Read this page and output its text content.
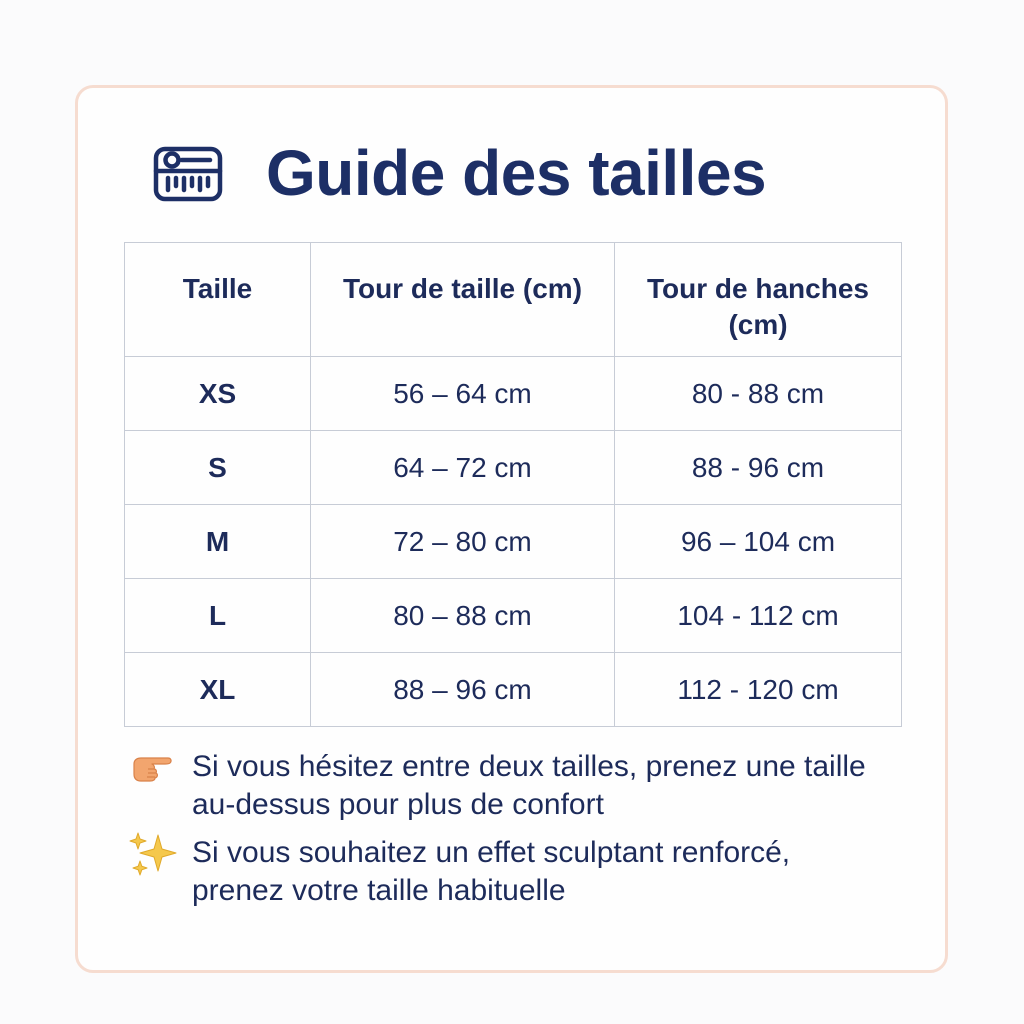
Guide des tailles
Taille	Tour de taille (cm)	Tour de hanches
(cm)
XS	56 – 64 cm	80 - 88 cm
S	64 – 72 cm	88 - 96 cm
M	72 – 80 cm	96 – 104 cm
L	80 – 88 cm	104 - 112 cm
XL	88 – 96 cm	112 - 120 cm
Si vous hésitez entre deux tailles, prenez une taille au-dessus pour plus de confort
Si vous souhaitez un effet sculptant renforcé, prenez votre taille habituelle
